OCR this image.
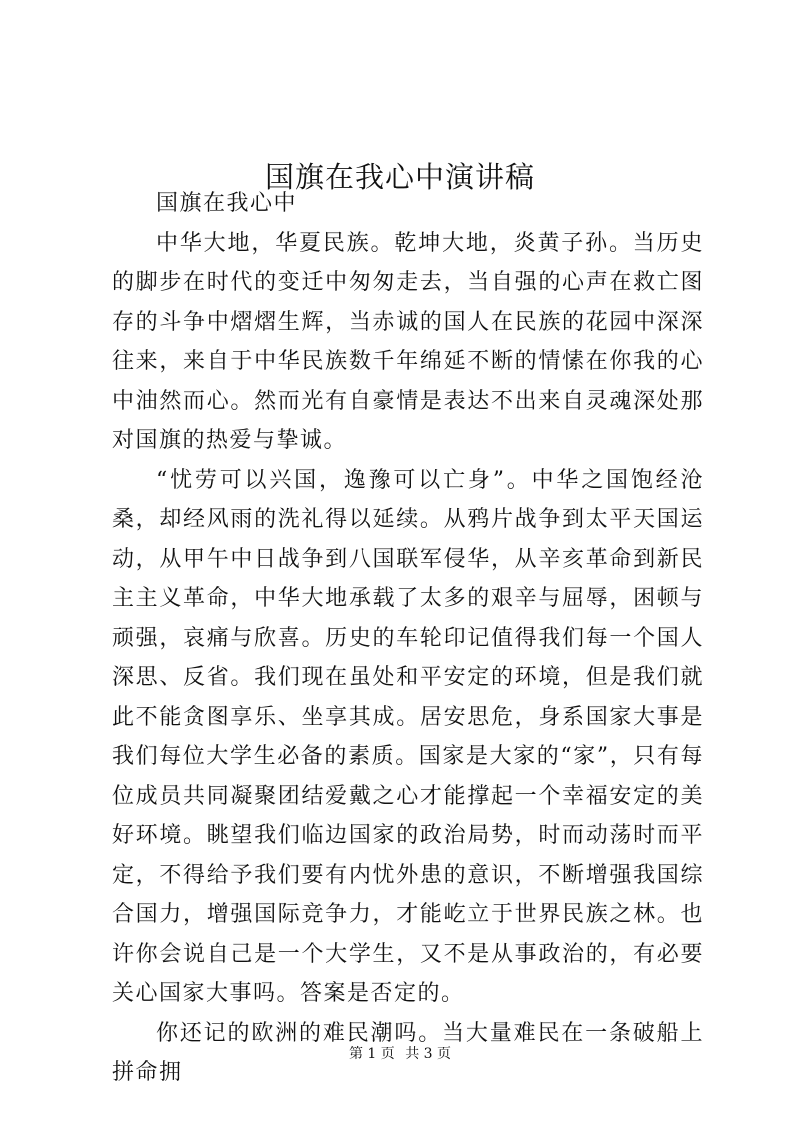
国旗在我心中演讲稿

国旗在我心中

中华大地，华夏民族。乾坤大地，炎黄子孙。当历史的脚步在时代的变迁中匆匆走去，当自强的心声在救亡图存的斗争中熠熠生辉，当赤诚的国人在民族的花园中深深往来，来自于中华民族数千年绵延不断的情愫在你我的心中油然而心。然而光有自豪情是表达不出来自灵魂深处那对国旗的热爱与挚诚。

“忧劳可以兴国，逸豫可以亡身”。中华之国饱经沧桑，却经风雨的洗礼得以延续。从鸦片战争到太平天国运动，从甲午中日战争到八国联军侵华，从辛亥革命到新民主主义革命，中华大地承载了太多的艰辛与屈辱，困顿与顽强，哀痛与欣喜。历史的车轮印记值得我们每一个国人深思、反省。我们现在虽处和平安定的环境，但是我们就此不能贪图享乐、坐享其成。居安思危，身系国家大事是我们每位大学生必备的素质。国家是大家的“家”，只有每位成员共同凝聚团结爱戴之心才能撑起一个幸福安定的美好环境。眺望我们临边国家的政治局势，时而动荡时而平定，不得给予我们要有内忧外患的意识，不断增强我国综合国力，增强国际竞争力，才能屹立于世界民族之林。也许你会说自己是一个大学生，又不是从事政治的，有必要关心国家大事吗。答案是否定的。

你还记的欧洲的难民潮吗。当大量难民在一条破船上拼命拥

第 1 页 共 3 页
